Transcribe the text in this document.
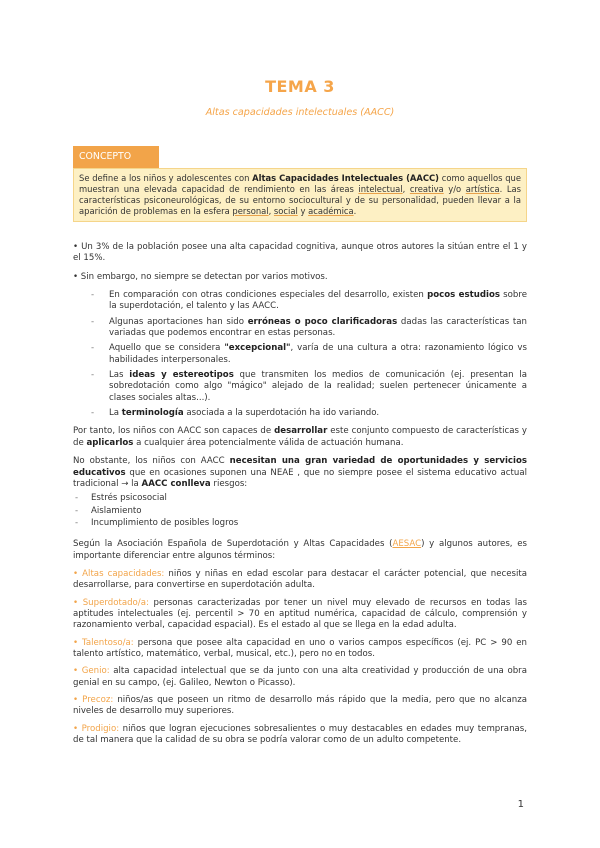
TEMA 3
Altas capacidades intelectuales (AACC)
CONCEPTO
Se define a los niños y adolescentes con Altas Capacidades Intelectuales (AACC) como aquellos que muestran una elevada capacidad de rendimiento en las áreas intelectual, creativa y/o artística. Las características psiconeurológicas, de su entorno sociocultural y de su personalidad, pueden llevar a la aparición de problemas en la esfera personal, social y académica.

• Un 3% de la población posee una alta capacidad cognitiva, aunque otros autores la sitúan entre el 1 y el 15%.

• Sin embargo, no siempre se detectan por varios motivos.

- En comparación con otras condiciones especiales del desarrollo, existen pocos estudios sobre la superdotación, el talento y las AACC.
- Algunas aportaciones han sido erróneas o poco clarificadoras dadas las características tan variadas que podemos encontrar en estas personas.
- Aquello que se considera "excepcional", varía de una cultura a otra: razonamiento lógico vs habilidades interpersonales.
- Las ideas y estereotipos que transmiten los medios de comunicación (ej. presentan la sobredotación como algo "mágico" alejado de la realidad; suelen pertenecer únicamente a clases sociales altas...).
- La terminología asociada a la superdotación ha ido variando.

Por tanto, los niños con AACC son capaces de desarrollar este conjunto compuesto de características y de aplicarlos a cualquier área potencialmente válida de actuación humana.

No obstante, los niños con AACC necesitan una gran variedad de oportunidades y servicios educativos que en ocasiones suponen una NEAE , que no siempre posee el sistema educativo actual tradicional → la AACC conlleva riesgos:

- Estrés psicosocial
- Aislamiento
- Incumplimiento de posibles logros

Según la Asociación Española de Superdotación y Altas Capacidades (AESAC) y algunos autores, es importante diferenciar entre algunos términos:

• Altas capacidades: niños y niñas en edad escolar para destacar el carácter potencial, que necesita desarrollarse, para convertirse en superdotación adulta.

• Superdotado/a: personas caracterizadas por tener un nivel muy elevado de recursos en todas las aptitudes intelectuales (ej. percentil > 70 en aptitud numérica, capacidad de cálculo, comprensión y razonamiento verbal, capacidad espacial). Es el estado al que se llega en la edad adulta.

• Talentoso/a: persona que posee alta capacidad en uno o varios campos específicos (ej. PC > 90 en talento artístico, matemático, verbal, musical, etc.), pero no en todos.

• Genio: alta capacidad intelectual que se da junto con una alta creatividad y producción de una obra genial en su campo, (ej. Galileo, Newton o Picasso).

• Precoz: niños/as que poseen un ritmo de desarrollo más rápido que la media, pero que no alcanza niveles de desarrollo muy superiores.

• Prodigio: niños que logran ejecuciones sobresalientes o muy destacables en edades muy tempranas, de tal manera que la calidad de su obra se podría valorar como de un adulto competente.

1
